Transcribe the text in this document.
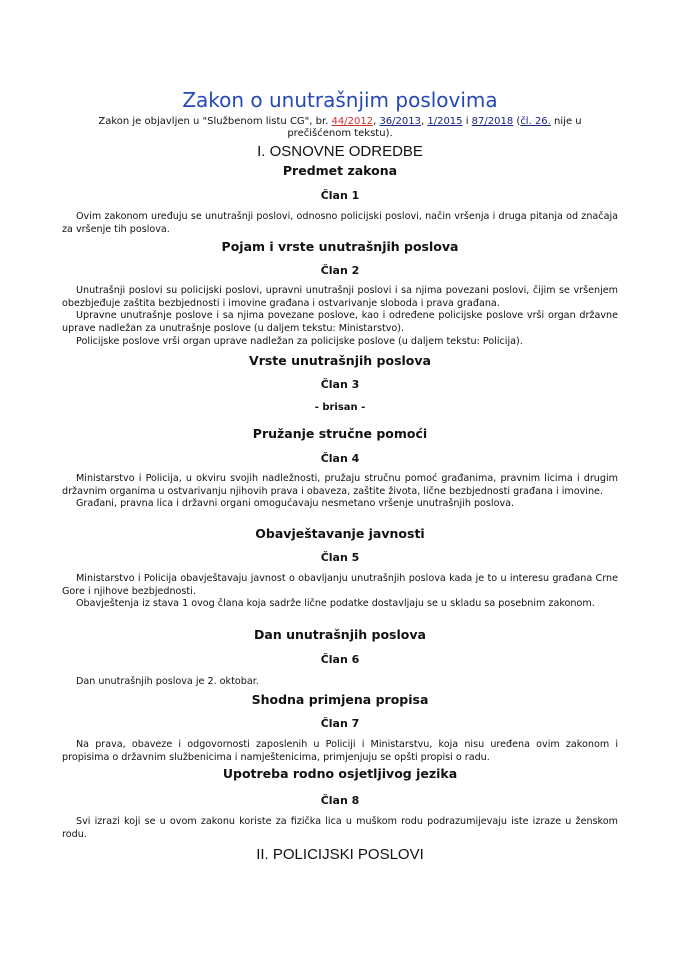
Zakon o unutrašnjim poslovima
Zakon je objavljen u "Službenom listu CG", br. 44/2012, 36/2013, 1/2015 i 87/2018 (čl. 26. nije u prečišćenom tekstu).
I. OSNOVNE ODREDBE
Predmet zakona
Član 1

Ovim zakonom uređuju se unutrašnji poslovi, odnosno policijski poslovi, način vršenja i druga pitanja od značaja za vršenje tih poslova.

Pojam i vrste unutrašnjih poslova
Član 2

Unutrašnji poslovi su policijski poslovi, upravni unutrašnji poslovi i sa njima povezani poslovi, čijim se vršenjem obezbjeđuje zaštita bezbjednosti i imovine građana i ostvarivanje sloboda i prava građana.

Upravne unutrašnje poslove i sa njima povezane poslove, kao i određene policijske poslove vrši organ državne uprave nadležan za unutrašnje poslove (u daljem tekstu: Ministarstvo).

Policijske poslove vrši organ uprave nadležan za policijske poslove (u daljem tekstu: Policija).

Vrste unutrašnjih poslova
Član 3
- brisan -
Pružanje stručne pomoći
Član 4

Ministarstvo i Policija, u okviru svojih nadležnosti, pružaju stručnu pomoć građanima, pravnim licima i drugim državnim organima u ostvarivanju njihovih prava i obaveza, zaštite života, lične bezbjednosti građana i imovine.

Građani, pravna lica i državni organi omogućavaju nesmetano vršenje unutrašnjih poslova.

Obavještavanje javnosti
Član 5

Ministarstvo i Policija obavještavaju javnost o obavljanju unutrašnjih poslova kada je to u interesu građana Crne Gore i njihove bezbjednosti.

Obavještenja iz stava 1 ovog člana koja sadrže lične podatke dostavljaju se u skladu sa posebnim zakonom.

Dan unutrašnjih poslova
Član 6

Dan unutrašnjih poslova je 2. oktobar.

Shodna primjena propisa
Član 7

Na prava, obaveze i odgovornosti zaposlenih u Policiji i Ministarstvu, koja nisu uređena ovim zakonom i propisima o državnim službenicima i namještenicima, primjenjuju se opšti propisi o radu.

Upotreba rodno osjetljivog jezika
Član 8

Svi izrazi koji se u ovom zakonu koriste za fizička lica u muškom rodu podrazumijevaju iste izraze u ženskom rodu.

II. POLICIJSKI POSLOVI
